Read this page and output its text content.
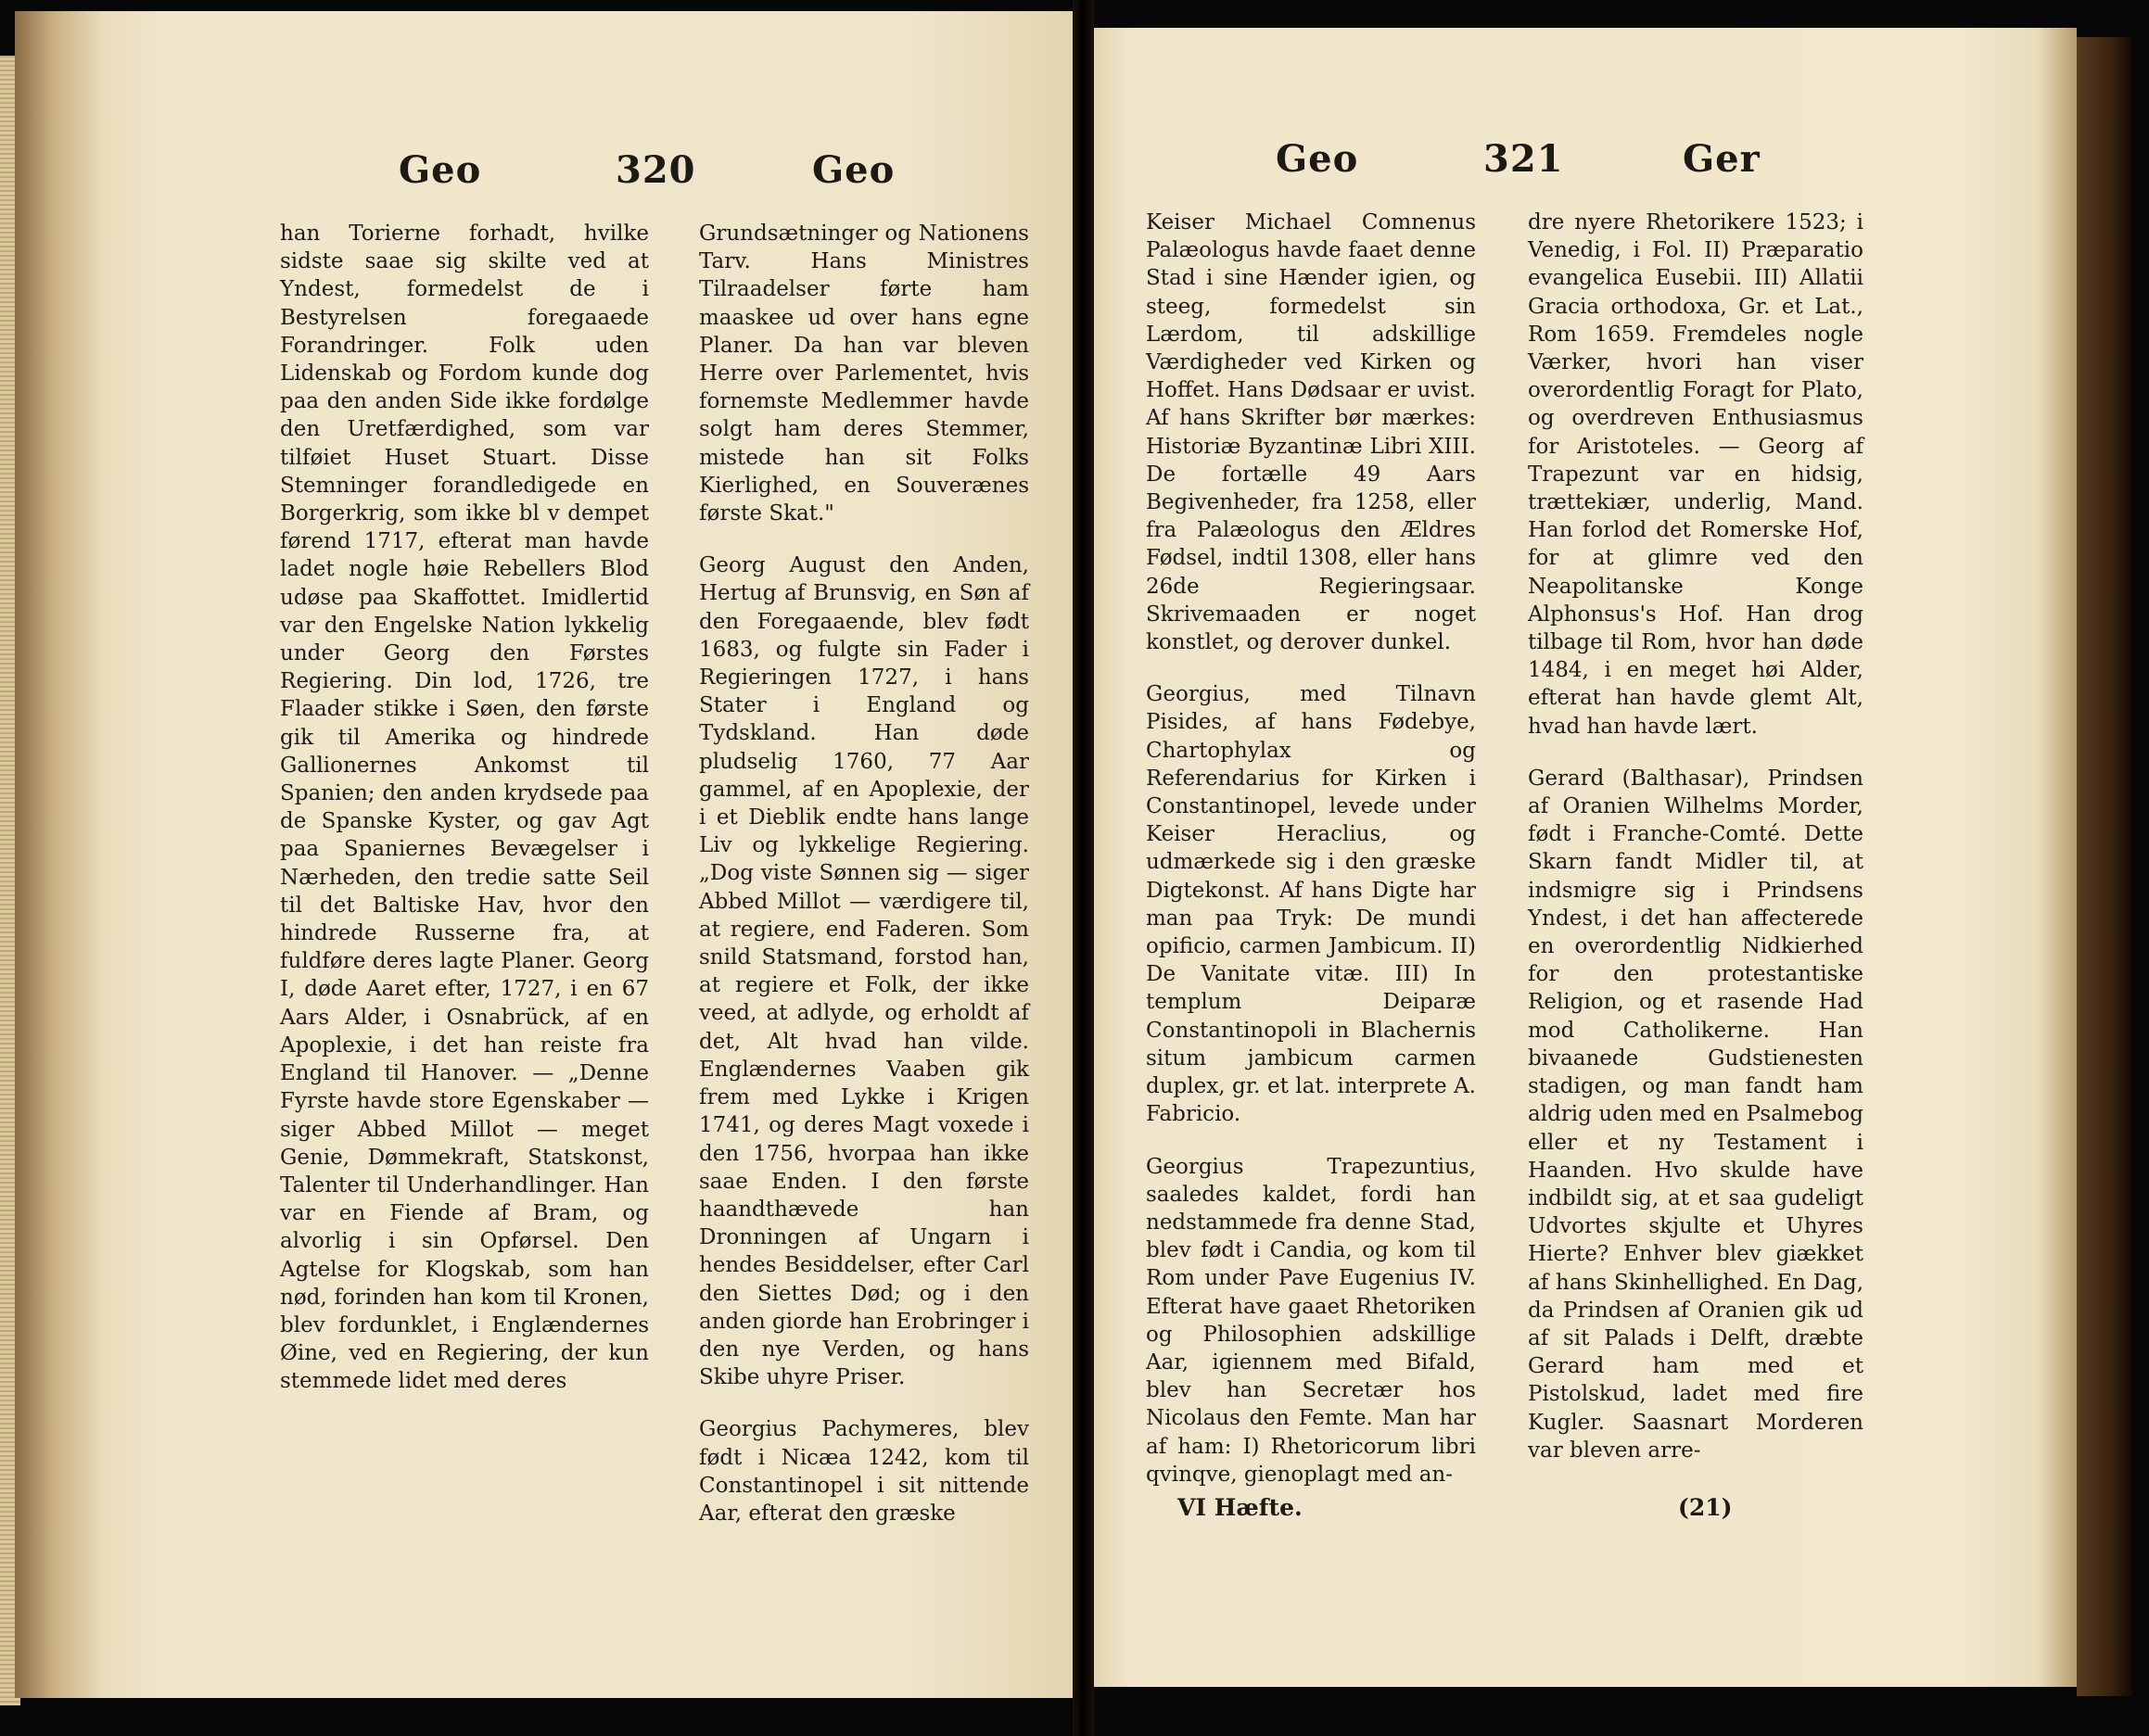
Geo	320	Geo

han Torierne forhadt, hvilke sidste saae sig skilte ved at Yndest, formedelst de i Bestyrelsen foregaaede Forandringer. Folk uden Lidenskab og Fordom kunde dog paa den anden Side ikke fordølge den Uretfærdighed, som var tilføiet Huset Stuart. Disse Stemninger forandledigede en Borgerkrig, som ikke bl v dempet førend 1717, efterat man havde ladet nogle høie Rebellers Blod udøse paa Skaffottet. Imidlertid var den Engelske Nation lykkelig under Georg den Førstes Regiering. Din lod, 1726, tre Flaader stikke i Søen, den første gik til Amerika og hindrede Gallionernes Ankomst til Spanien; den anden krydsede paa de Spanske Kyster, og gav Agt paa Spaniernes Bevægelser i Nærheden, den tredie satte Seil til det Baltiske Hav, hvor den hindrede Russerne fra, at fuldføre deres lagte Planer. Georg I, døde Aaret efter, 1727, i en 67 Aars Alder, i Osnabrück, af en Apoplexie, i det han reiste fra England til Hanover. — „Denne Fyrste havde store Egenskaber — siger Abbed Millot — meget Genie, Dømmekraft, Statskonst, Talenter til Underhandlinger. Han var en Fiende af Bram, og alvorlig i sin Opførsel. Den Agtelse for Klogskab, som han nød, forinden han kom til Kronen, blev fordunklet, i Englændernes Øine, ved en Regiering, der kun stemmede lidet med deres

Grundsætninger og Nationens Tarv. Hans Ministres Tilraadelser førte ham maaskee ud over hans egne Planer. Da han var bleven Herre over Parlementet, hvis fornemste Medlemmer havde solgt ham deres Stemmer, mistede han sit Folks Kierlighed, en Souverænes første Skat."

Georg August den Anden, Hertug af Brunsvig, en Søn af den Foregaaende, blev født 1683, og fulgte sin Fader i Regieringen 1727, i hans Stater i England og Tydskland. Han døde pludselig 1760, 77 Aar gammel, af en Apoplexie, der i et Dieblik endte hans lange Liv og lykkelige Regiering. „Dog viste Sønnen sig — siger Abbed Millot — værdigere til, at regiere, end Faderen. Som snild Statsmand, forstod han, at regiere et Folk, der ikke veed, at adlyde, og erholdt af det, Alt hvad han vilde. Englændernes Vaaben gik frem med Lykke i Krigen 1741, og deres Magt voxede i den 1756, hvorpaa han ikke saae Enden. I den første haandthævede han Dronningen af Ungarn i hendes Besiddelser, efter Carl den Siettes Død; og i den anden giorde han Erobringer i den nye Verden, og hans Skibe uhyre Priser.

Georgius Pachymeres, blev født i Nicæa 1242, kom til Constantinopel i sit nittende Aar, efterat den græske

Geo	321	Ger

Keiser Michael Comnenus Palæologus havde faaet denne Stad i sine Hænder igien, og steeg, formedelst sin Lærdom, til adskillige Værdigheder ved Kirken og Hoffet. Hans Dødsaar er uvist. Af hans Skrifter bør mærkes: Historiæ Byzantinæ Libri XIII. De fortælle 49 Aars Begivenheder, fra 1258, eller fra Palæologus den Ældres Fødsel, indtil 1308, eller hans 26de Regieringsaar. Skrivemaaden er noget konstlet, og derover dunkel.

Georgius, med Tilnavn Pisides, af hans Fødebye, Chartophylax og Referendarius for Kirken i Constantinopel, levede under Keiser Heraclius, og udmærkede sig i den græske Digtekonst. Af hans Digte har man paa Tryk: De mundi opificio, carmen Jambicum. II) De Vanitate vitæ. III) In templum Deiparæ Constantinopoli in Blachernis situm jambicum carmen duplex, gr. et lat. interprete A. Fabricio.

Georgius Trapezuntius, saaledes kaldet, fordi han nedstammede fra denne Stad, blev født i Candia, og kom til Rom under Pave Eugenius IV. Efterat have gaaet Rhetoriken og Philosophien adskillige Aar, igiennem med Bifald, blev han Secretær hos Nicolaus den Femte. Man har af ham: I) Rhetoricorum libri qvinqve, gienoplagt med an-

dre nyere Rhetorikere 1523; i Venedig, i Fol. II) Præparatio evangelica Eusebii. III) Allatii Gracia orthodoxa, Gr. et Lat., Rom 1659. Fremdeles nogle Værker, hvori han viser overordentlig Foragt for Plato, og overdreven Enthusiasmus for Aristoteles. — Georg af Trapezunt var en hidsig, trættekiær, underlig, Mand. Han forlod det Romerske Hof, for at glimre ved den Neapolitanske Konge Alphonsus's Hof. Han drog tilbage til Rom, hvor han døde 1484, i en meget høi Alder, efterat han havde glemt Alt, hvad han havde lært.

Gerard (Balthasar), Prindsen af Oranien Wilhelms Morder, født i Franche-Comté. Dette Skarn fandt Midler til, at indsmigre sig i Prindsens Yndest, i det han affecterede en overordentlig Nidkierhed for den protestantiske Religion, og et rasende Had mod Catholikerne. Han bivaanede Gudstienesten stadigen, og man fandt ham aldrig uden med en Psalmebog eller et ny Testament i Haanden. Hvo skulde have indbildt sig, at et saa gudeligt Udvortes skjulte et Uhyres Hierte? Enhver blev giækket af hans Skinhellighed. En Dag, da Prindsen af Oranien gik ud af sit Palads i Delft, dræbte Gerard ham med et Pistolskud, ladet med fire Kugler. Saasnart Morderen var bleven arre-

VI Hæfte.	(21)
